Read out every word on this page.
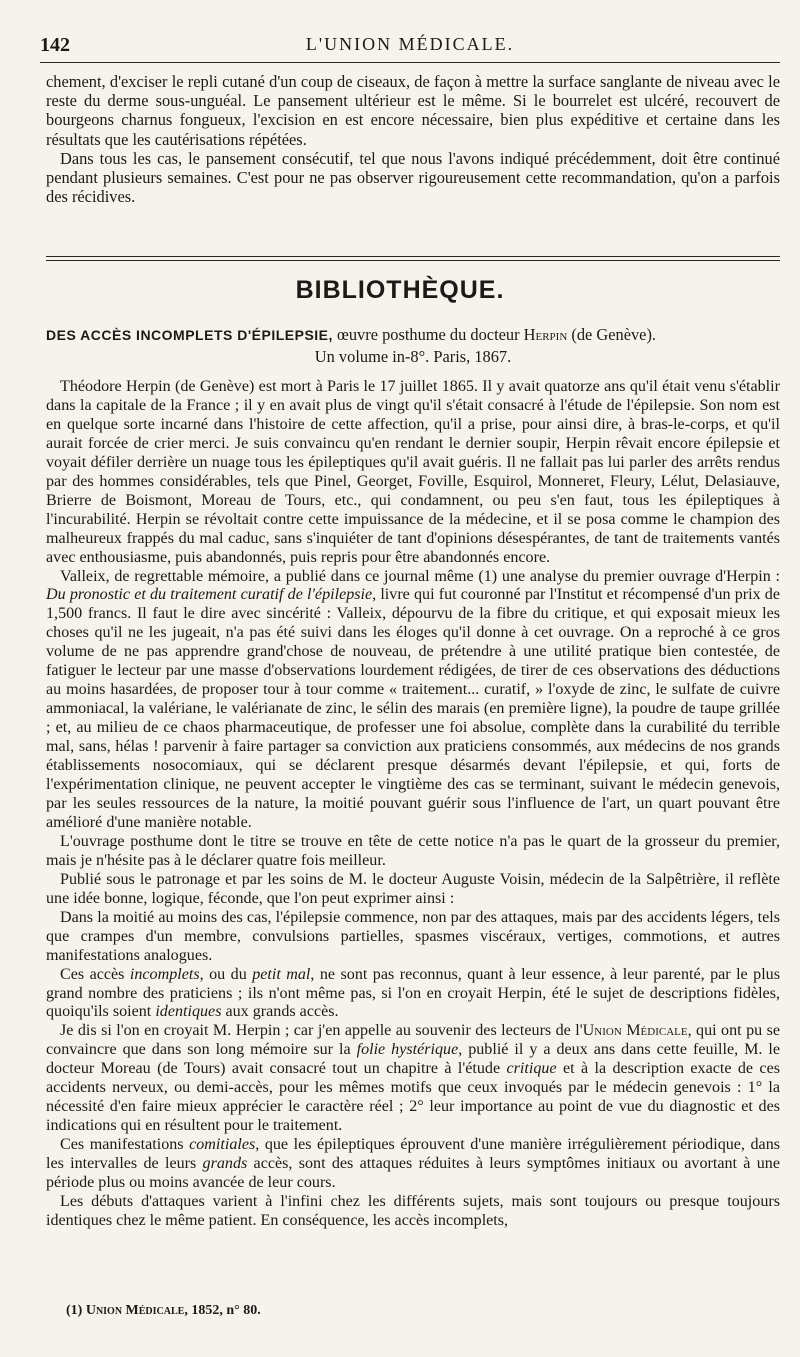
142	L'UNION MÉDICALE.

chement, d'exciser le repli cutané d'un coup de ciseaux, de façon à mettre la surface sanglante de niveau avec le reste du derme sous-unguéal. Le pansement ultérieur est le même. Si le bourrelet est ulcéré, recouvert de bourgeons charnus fongueux, l'excision en est encore nécessaire, bien plus expéditive et certaine dans les résultats que les cautérisations répétées.

Dans tous les cas, le pansement consécutif, tel que nous l'avons indiqué précédemment, doit être continué pendant plusieurs semaines. C'est pour ne pas observer rigoureusement cette recommandation, qu'on a parfois des récidives.

BIBLIOTHÈQUE.
DES ACCÈS INCOMPLETS D'ÉPILEPSIE, œuvre posthume du docteur Herpin (de Genève).
Un volume in-8°. Paris, 1867.

Théodore Herpin (de Genève) est mort à Paris le 17 juillet 1865. Il y avait quatorze ans qu'il était venu s'établir dans la capitale de la France ; il y en avait plus de vingt qu'il s'était consacré à l'étude de l'épilepsie. Son nom est en quelque sorte incarné dans l'histoire de cette affection, qu'il a prise, pour ainsi dire, à bras-le-corps, et qu'il aurait forcée de crier merci. Je suis convaincu qu'en rendant le dernier soupir, Herpin rêvait encore épilepsie et voyait défiler derrière un nuage tous les épileptiques qu'il avait guéris. Il ne fallait pas lui parler des arrêts rendus par des hommes considérables, tels que Pinel, Georget, Foville, Esquirol, Monneret, Fleury, Lélut, Delasiauve, Brierre de Boismont, Moreau de Tours, etc., qui condamnent, ou peu s'en faut, tous les épileptiques à l'incurabilité. Herpin se révoltait contre cette impuissance de la médecine, et il se posa comme le champion des malheureux frappés du mal caduc, sans s'inquiéter de tant d'opinions désespérantes, de tant de traitements vantés avec enthousiasme, puis abandonnés, puis repris pour être abandonnés encore.

Valleix, de regrettable mémoire, a publié dans ce journal même (1) une analyse du premier ouvrage d'Herpin : Du pronostic et du traitement curatif de l'épilepsie, livre qui fut couronné par l'Institut et récompensé d'un prix de 1,500 francs. Il faut le dire avec sincérité : Valleix, dépourvu de la fibre du critique, et qui exposait mieux les choses qu'il ne les jugeait, n'a pas été suivi dans les éloges qu'il donne à cet ouvrage. On a reproché à ce gros volume de ne pas apprendre grand'chose de nouveau, de prétendre à une utilité pratique bien contestée, de fatiguer le lecteur par une masse d'observations lourdement rédigées, de tirer de ces observations des déductions au moins hasardées, de proposer tour à tour comme « traitement... curatif, » l'oxyde de zinc, le sulfate de cuivre ammoniacal, la valériane, le valérianate de zinc, le sélin des marais (en première ligne), la poudre de taupe grillée ; et, au milieu de ce chaos pharmaceutique, de professer une foi absolue, complète dans la curabilité du terrible mal, sans, hélas ! parvenir à faire partager sa conviction aux praticiens consommés, aux médecins de nos grands établissements nosocomiaux, qui se déclarent presque désarmés devant l'épilepsie, et qui, forts de l'expérimentation clinique, ne peuvent accepter le vingtième des cas se terminant, suivant le médecin genevois, par les seules ressources de la nature, la moitié pouvant guérir sous l'influence de l'art, un quart pouvant être amélioré d'une manière notable.

L'ouvrage posthume dont le titre se trouve en tête de cette notice n'a pas le quart de la grosseur du premier, mais je n'hésite pas à le déclarer quatre fois meilleur.

Publié sous le patronage et par les soins de M. le docteur Auguste Voisin, médecin de la Salpêtrière, il reflète une idée bonne, logique, féconde, que l'on peut exprimer ainsi :

Dans la moitié au moins des cas, l'épilepsie commence, non par des attaques, mais par des accidents légers, tels que crampes d'un membre, convulsions partielles, spasmes viscéraux, vertiges, commotions, et autres manifestations analogues.

Ces accès incomplets, ou du petit mal, ne sont pas reconnus, quant à leur essence, à leur parenté, par le plus grand nombre des praticiens ; ils n'ont même pas, si l'on en croyait Herpin, été le sujet de descriptions fidèles, quoiqu'ils soient identiques aux grands accès.

Je dis si l'on en croyait M. Herpin ; car j'en appelle au souvenir des lecteurs de l'Union Médicale, qui ont pu se convaincre que dans son long mémoire sur la folie hystérique, publié il y a deux ans dans cette feuille, M. le docteur Moreau (de Tours) avait consacré tout un chapitre à l'étude critique et à la description exacte de ces accidents nerveux, ou demi-accès, pour les mêmes motifs que ceux invoqués par le médecin genevois : 1° la nécessité d'en faire mieux apprécier le caractère réel ; 2° leur importance au point de vue du diagnostic et des indications qui en résultent pour le traitement.

Ces manifestations comitiales, que les épileptiques éprouvent d'une manière irrégulièrement périodique, dans les intervalles de leurs grands accès, sont des attaques réduites à leurs symptômes initiaux ou avortant à une période plus ou moins avancée de leur cours.

Les débuts d'attaques varient à l'infini chez les différents sujets, mais sont toujours ou presque toujours identiques chez le même patient. En conséquence, les accès incomplets,

(1) Union Médicale, 1852, n° 80.
